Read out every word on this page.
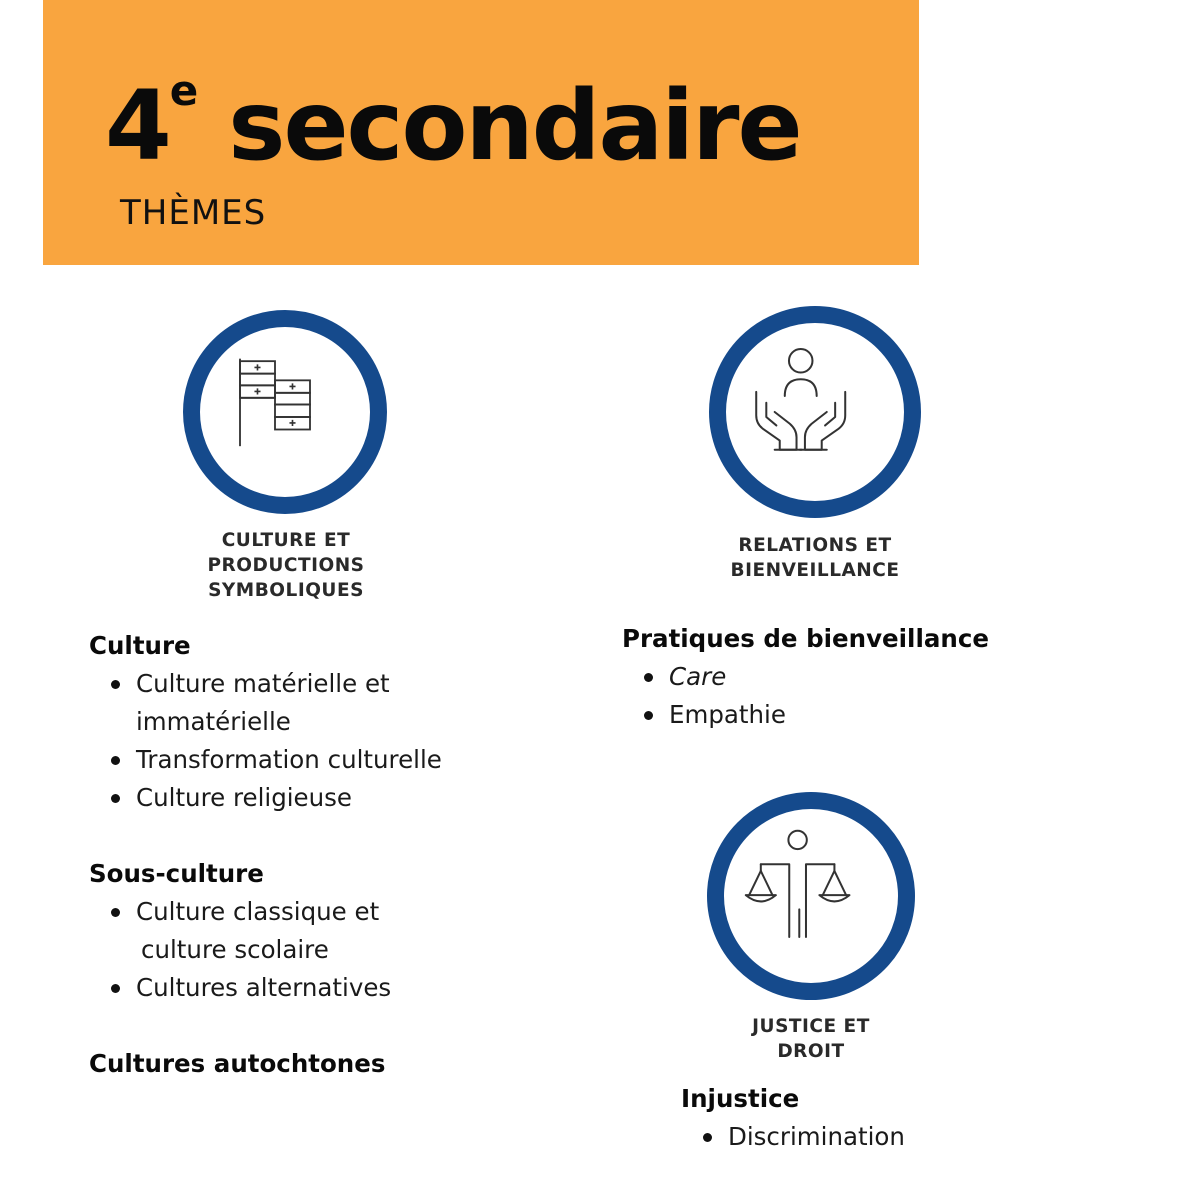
4e secondaire
THÈMES
✚
✚	✚
✚
CULTURE ET
PRODUCTIONS
SYMBOLIQUES
Culture
Culture matérielle et
immatérielle
Transformation culturelle
Culture religieuse
Sous-culture
Culture classique et
culture scolaire
Cultures alternatives
Cultures autochtones
RELATIONS ET
BIENVEILLANCE
Pratiques de bienveillance
Care
Empathie
JUSTICE ET
DROIT
Injustice
Discrimination
